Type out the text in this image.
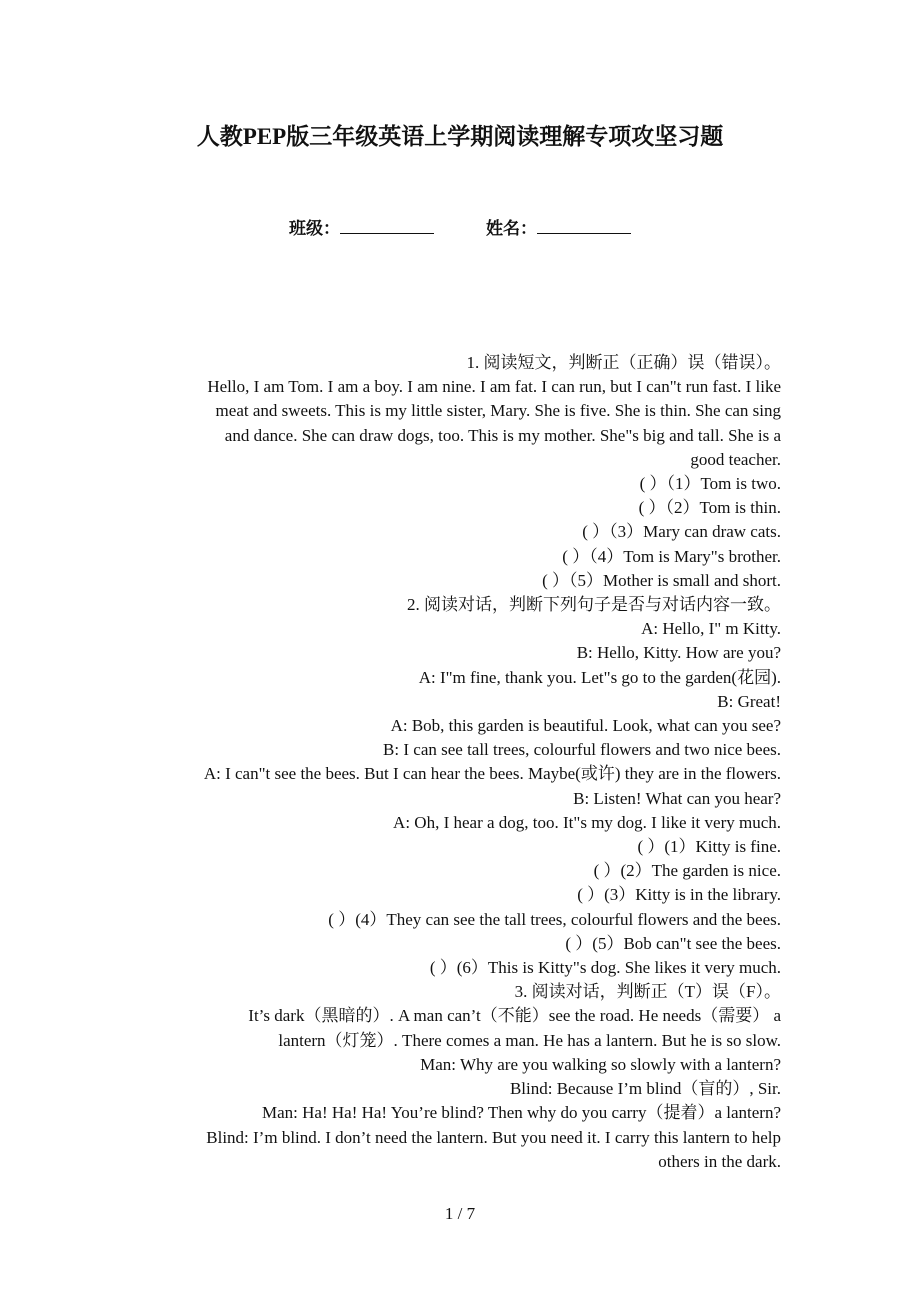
人教PEP版三年级英语上学期阅读理解专项攻坚习题
班级：	姓名：
1. 阅读短文，判断正（正确）误（错误）。
Hello, I am Tom. I am a boy. I am nine. I am fat. I can run, but I can"t run fast. I like
meat and sweets. This is my little sister, Mary. She is five. She is thin. She can sing
and dance. She can draw dogs, too. This is my mother. She"s big and tall. She is a
good teacher.
( ）（1）Tom is two.
( ）（2）Tom is thin.
( ）（3）Mary can draw cats.
( ）（4）Tom is Mary"s brother.
( ）（5）Mother is small and short.
2. 阅读对话，判断下列句子是否与对话内容一致。
A: Hello, I" m Kitty.
B: Hello, Kitty. How are you?
A: I"m fine, thank you. Let"s go to the garden(花园).
B: Great!
A: Bob, this garden is beautiful. Look, what can you see?
B: I can see tall trees, colourful flowers and two nice bees.
A: I can"t see the bees. But I can hear the bees. Maybe(或许) they are in the flowers.
B: Listen! What can you hear?
A: Oh, I hear a dog, too. It"s my dog. I like it very much.
( ）(1）Kitty is fine.
( ）(2）The garden is nice.
( ）(3）Kitty is in the library.
( ）(4）They can see the tall trees, colourful flowers and the bees.
( ）(5）Bob can"t see the bees.
( ）(6）This is Kitty"s dog. She likes it very much.
3. 阅读对话，判断正（T）误（F）。
It’s dark（黑暗的）. A man can’t（不能）see the road. He needs（需要） a
lantern（灯笼）. There comes a man. He has a lantern. But he is so slow.
Man: Why are you walking so slowly with a lantern?
Blind: Because I’m blind（盲的）, Sir.
Man: Ha! Ha! Ha! You’re blind? Then why do you carry（提着）a lantern?
Blind: I’m blind. I don’t need the lantern. But you need it. I carry this lantern to help
others in the dark.
1 / 7
